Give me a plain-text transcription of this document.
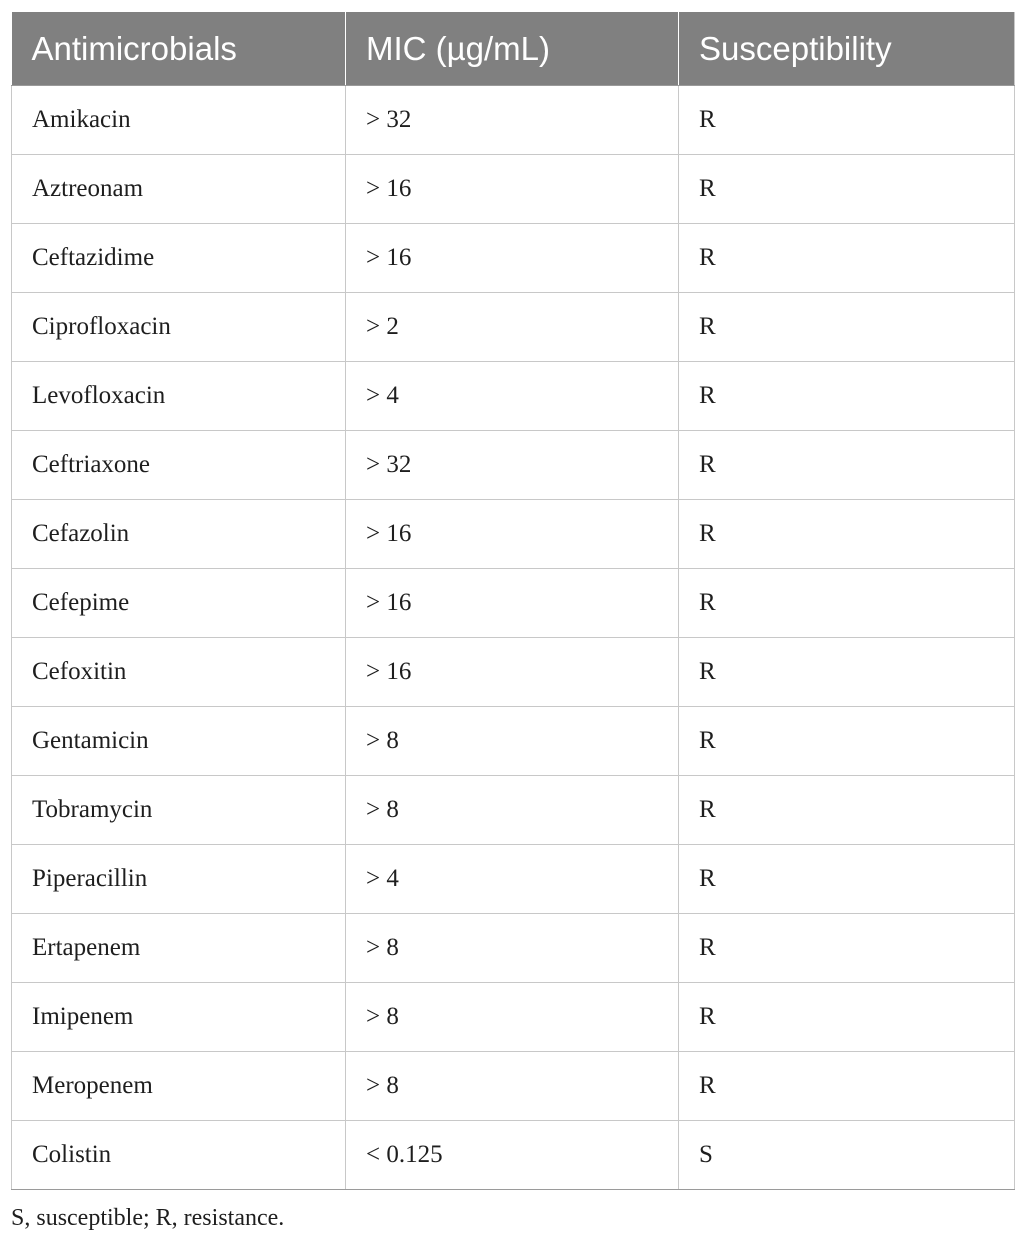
Antimicrobials	MIC (µg/mL)	Susceptibility
Amikacin	> 32	R
Aztreonam	> 16	R
Ceftazidime	> 16	R
Ciprofloxacin	> 2	R
Levofloxacin	> 4	R
Ceftriaxone	> 32	R
Cefazolin	> 16	R
Cefepime	> 16	R
Cefoxitin	> 16	R
Gentamicin	> 8	R
Tobramycin	> 8	R
Piperacillin	> 4	R
Ertapenem	> 8	R
Imipenem	> 8	R
Meropenem	> 8	R
Colistin	< 0.125	S
S, susceptible; R, resistance.
